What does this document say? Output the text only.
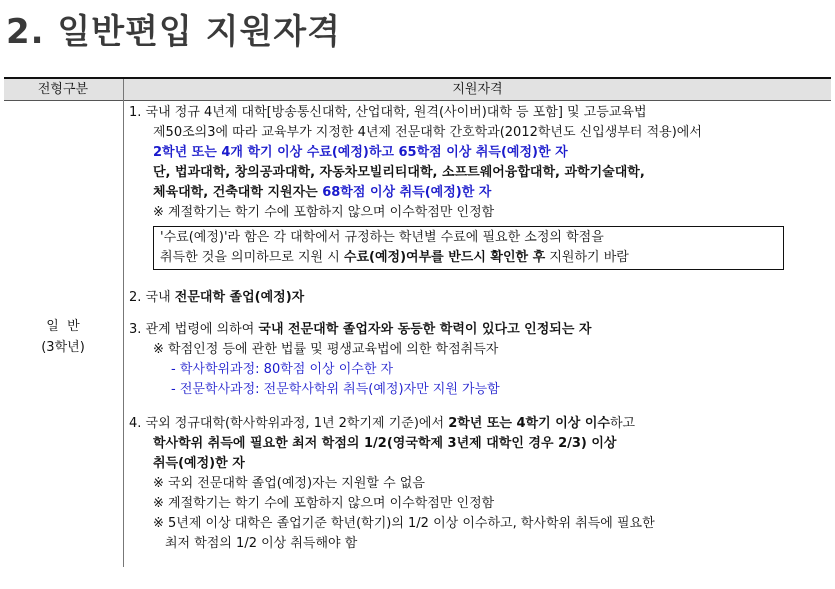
2. 일반편입 지원자격
전형구분	지원자격
일  반
(3학년)
1. 국내 정규 4년제 대학[방송통신대학, 산업대학, 원격(사이버)대학 등 포함] 및 고등교육법
제50조의3에 따라 교육부가 지정한 4년제 전문대학 간호학과(2012학년도 신입생부터 적용)에서
2학년 또는 4개 학기 이상 수료(예정)하고 65학점 이상 취득(예정)한 자
단, 법과대학, 창의공과대학, 자동차모빌리티대학, 소프트웨어융합대학, 과학기술대학,
체육대학, 건축대학 지원자는 68학점 이상 취득(예정)한 자
※ 계절학기는 학기 수에 포함하지 않으며 이수학점만 인정함
'수료(예정)'라 함은 각 대학에서 규정하는 학년별 수료에 필요한 소정의 학점을
취득한 것을 의미하므로 지원 시 수료(예정)여부를 반드시 확인한 후 지원하기 바람
2. 국내 전문대학 졸업(예정)자
3. 관계 법령에 의하여 국내 전문대학 졸업자와 동등한 학력이 있다고 인정되는 자
※ 학점인정 등에 관한 법률 및 평생교육법에 의한 학점취득자
- 학사학위과정: 80학점 이상 이수한 자
- 전문학사과정: 전문학사학위 취득(예정)자만 지원 가능함
4. 국외 정규대학(학사학위과정, 1년 2학기제 기준)에서 2학년 또는 4학기 이상 이수하고
학사학위 취득에 필요한 최저 학점의 1/2(영국학제 3년제 대학인 경우 2/3) 이상
취득(예정)한 자
※ 국외 전문대학 졸업(예정)자는 지원할 수 없음
※ 계절학기는 학기 수에 포함하지 않으며 이수학점만 인정함
※ 5년제 이상 대학은 졸업기준 학년(학기)의 1/2 이상 이수하고, 학사학위 취득에 필요한
최저 학점의 1/2 이상 취득해야 함
